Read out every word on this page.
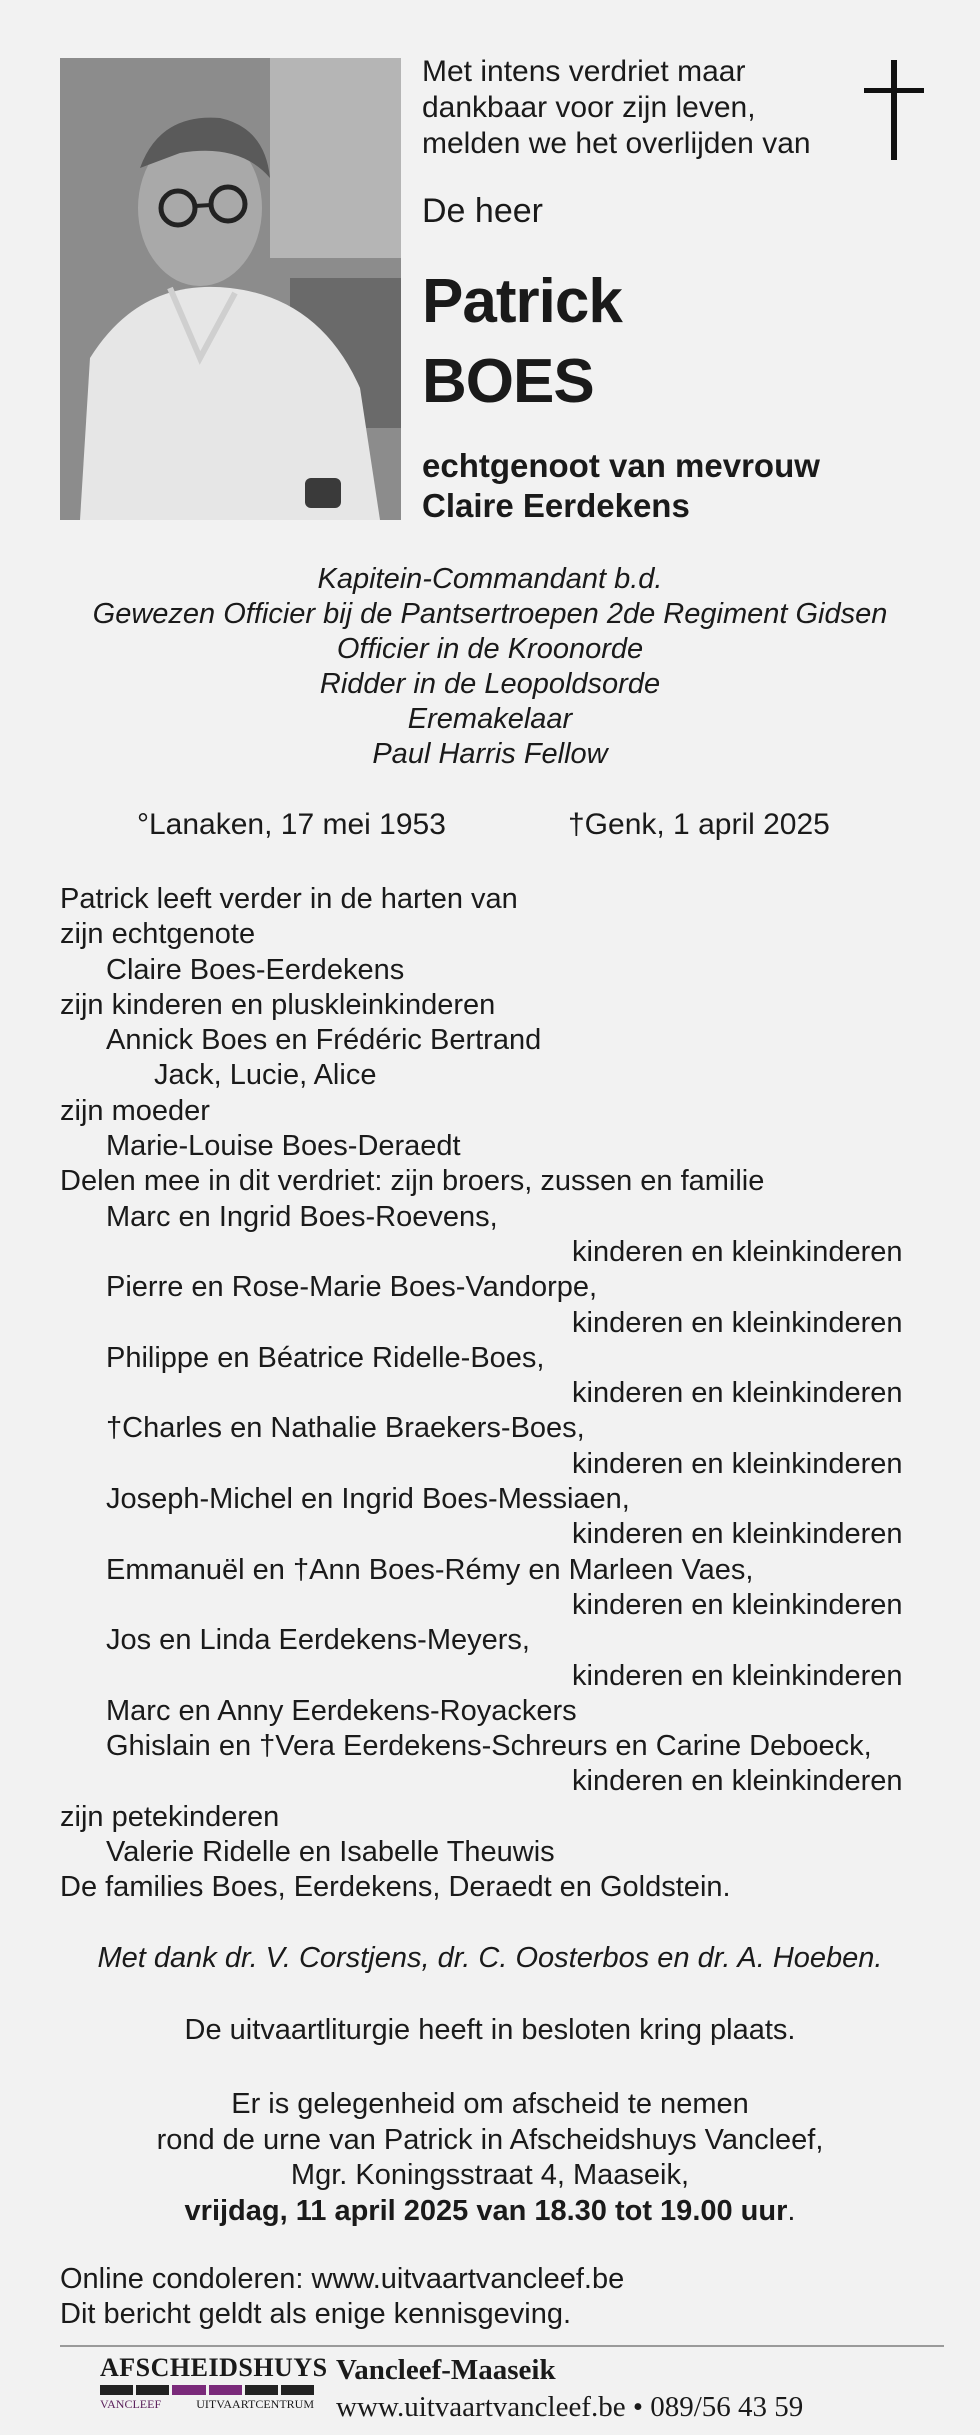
Met intens verdriet maar
dankbaar voor zijn leven,
melden we het overlijden van
De heer
Patrick
BOES
echtgenoot van mevrouw
Claire Eerdekens
Kapitein-Commandant b.d.
Gewezen Officier bij de Pantsertroepen 2de Regiment Gidsen
Officier in de Kroonorde
Ridder in de Leopoldsorde
Eremakelaar
Paul Harris Fellow
°Lanaken, 17 mei 1953	†Genk, 1 april 2025
Patrick leeft verder in de harten van
zijn echtgenote
Claire Boes-Eerdekens
zijn kinderen en pluskleinkinderen
Annick Boes en Frédéric Bertrand
Jack, Lucie, Alice
zijn moeder
Marie-Louise Boes-Deraedt
Delen mee in dit verdriet: zijn broers, zussen en familie
Marc en Ingrid Boes-Roevens,
kinderen en kleinkinderen
Pierre en Rose-Marie Boes-Vandorpe,
kinderen en kleinkinderen
Philippe en Béatrice Ridelle-Boes,
kinderen en kleinkinderen
†Charles en Nathalie Braekers-Boes,
kinderen en kleinkinderen
Joseph-Michel en Ingrid Boes-Messiaen,
kinderen en kleinkinderen
Emmanuël en †Ann Boes-Rémy en Marleen Vaes,
kinderen en kleinkinderen
Jos en Linda Eerdekens-Meyers,
kinderen en kleinkinderen
Marc en Anny Eerdekens-Royackers
Ghislain en †Vera Eerdekens-Schreurs en Carine Deboeck,
kinderen en kleinkinderen
zijn petekinderen
Valerie Ridelle en Isabelle Theuwis
De families Boes, Eerdekens, Deraedt en Goldstein.
Met dank dr. V. Corstjens, dr. C. Oosterbos en dr. A. Hoeben.
De uitvaartliturgie heeft in besloten kring plaats.
Er is gelegenheid om afscheid te nemen
rond de urne van Patrick in Afscheidshuys Vancleef,
Mgr. Koningsstraat 4, Maaseik,
vrijdag, 11 april 2025 van 18.30 tot 19.00 uur.
Online condoleren: www.uitvaartvancleef.be
Dit bericht geldt als enige kennisgeving.
AFSCHEIDSHUYS
VANCLEEF	UITVAARTCENTRUM
Vancleef-Maaseik
www.uitvaartvancleef.be • 089/56 43 59
